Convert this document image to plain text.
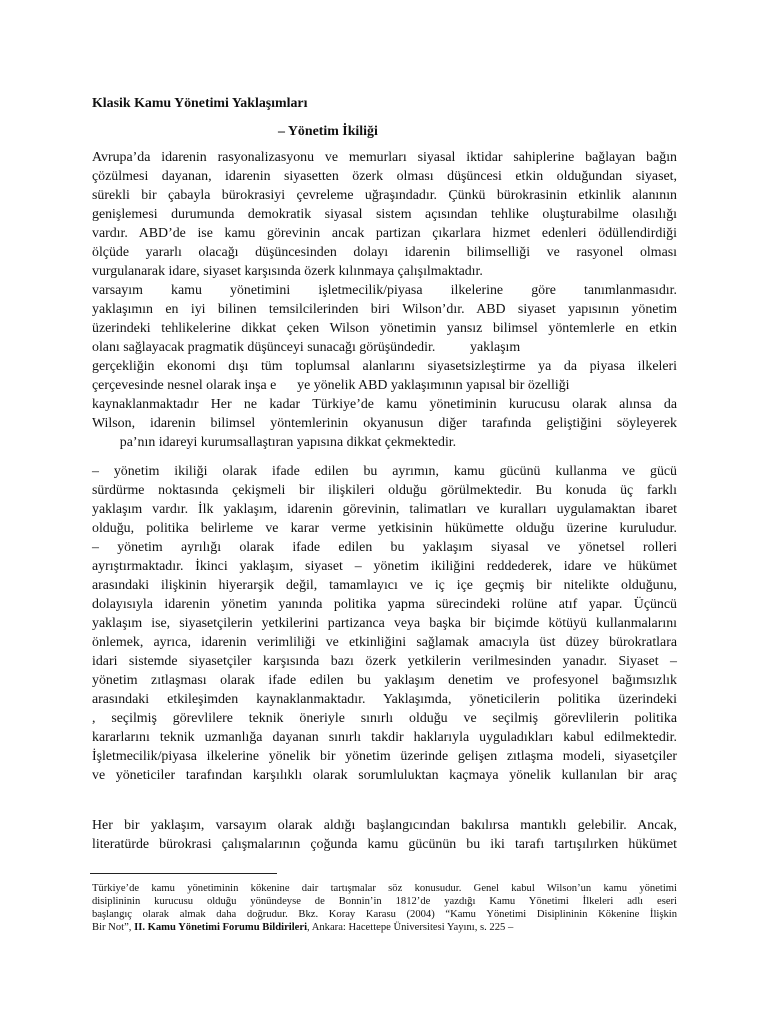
Klasik Kamu Yönetimi Yaklaşımları
– Yönetim İkiliği
Avrupa’da idarenin rasyonalizasyonu ve memurları siyasal iktidar sahiplerine bağlayan bağın
çözülmesi dayanan, idarenin siyasetten özerk olması düşüncesi etkin olduğundan siyaset,
sürekli bir çabayla bürokrasiyi çevreleme uğraşındadır. Çünkü bürokrasinin etkinlik alanının
genişlemesi durumunda demokratik siyasal sistem açısından tehlike oluşturabilme olasılığı
vardır. ABD’de ise kamu görevinin ancak partizan çıkarlara hizmet edenleri ödüllendirdiği
ölçüde yararlı olacağı düşüncesinden dolayı idarenin bilimselliği ve rasyonel olması
vurgulanarak idare, siyaset karşısında özerk kılınmaya çalışılmaktadır.
varsayım kamu yönetimini işletmecilik/piyasa ilkelerine göre tanımlanmasıdır.
yaklaşımın en iyi bilinen temsilcilerinden biri Wilson’dır. ABD siyaset yapısının yönetim
üzerindeki tehlikelerine dikkat çeken Wilson yönetimin yansız bilimsel yöntemlerle en etkin
olanı sağlayacak pragmatik düşünceyi sunacağı görüşündedir.          yaklaşım
gerçekliğin ekonomi dışı tüm toplumsal alanlarını siyasetsizleştirme ya da piyasa ilkeleri
çerçevesinde nesnel olarak inşa e      ye yönelik ABD yaklaşımının yapısal bir özelliği
kaynaklanmaktadır Her ne kadar Türkiye’de kamu yönetiminin kurucusu olarak alınsa da
Wilson, idarenin bilimsel yöntemlerinin okyanusun diğer tarafında geliştiğini söyleyerek
pa’nın idareyi kurumsallaştıran yapısına dikkat çekmektedir.
– yönetim ikiliği olarak ifade edilen bu ayrımın, kamu gücünü kullanma ve gücü
sürdürme noktasında çekişmeli bir ilişkileri olduğu görülmektedir. Bu konuda üç farklı
yaklaşım vardır. İlk yaklaşım, idarenin görevinin, talimatları ve kuralları uygulamaktan ibaret
olduğu, politika belirleme ve karar verme yetkisinin hükümette olduğu üzerine kuruludur.
– yönetim ayrılığı olarak ifade edilen bu yaklaşım siyasal ve yönetsel rolleri
ayrıştırmaktadır. İkinci yaklaşım, siyaset – yönetim ikiliğini reddederek, idare ve hükümet
arasındaki ilişkinin hiyerarşik değil, tamamlayıcı ve iç içe geçmiş bir nitelikte olduğunu,
dolayısıyla idarenin yönetim yanında politika yapma sürecindeki rolüne atıf yapar. Üçüncü
yaklaşım ise, siyasetçilerin yetkilerini partizanca veya başka bir biçimde kötüyü kullanmalarını
önlemek, ayrıca, idarenin verimliliği ve etkinliğini sağlamak amacıyla üst düzey bürokratlara
idari sistemde siyasetçiler karşısında bazı özerk yetkilerin verilmesinden yanadır. Siyaset –
yönetim zıtlaşması olarak ifade edilen bu yaklaşım denetim ve profesyonel bağımsızlık
arasındaki etkileşimden kaynaklanmaktadır. Yaklaşımda, yöneticilerin politika üzerindeki
, seçilmiş görevlilere teknik öneriyle sınırlı olduğu ve seçilmiş görevlilerin politika
kararlarını teknik uzmanlığa dayanan sınırlı takdir haklarıyla uyguladıkları kabul edilmektedir.
İşletmecilik/piyasa ilkelerine yönelik bir yönetim üzerinde gelişen zıtlaşma modeli, siyasetçiler
ve yöneticiler tarafından karşılıklı olarak sorumluluktan kaçmaya yönelik kullanılan bir araç
Her bir yaklaşım, varsayım olarak aldığı başlangıcından bakılırsa mantıklı gelebilir. Ancak,
literatürde bürokrasi çalışmalarının çoğunda kamu gücünün bu iki tarafı tartışılırken hükümet
Türkiye’de kamu yönetiminin kökenine dair tartışmalar söz konusudur. Genel kabul Wilson’un kamu yönetimi
disiplininin kurucusu olduğu yönündeyse de Bonnin’in 1812’de yazdığı Kamu Yönetimi İlkeleri adlı eseri
başlangıç olarak almak daha doğrudur. Bkz. Koray Karasu (2004) “Kamu Yönetimi Disiplininin Kökenine İlişkin
Bir Not”, II. Kamu Yönetimi Forumu Bildirileri, Ankara: Hacettepe Üniversitesi Yayını, s. 225 –
